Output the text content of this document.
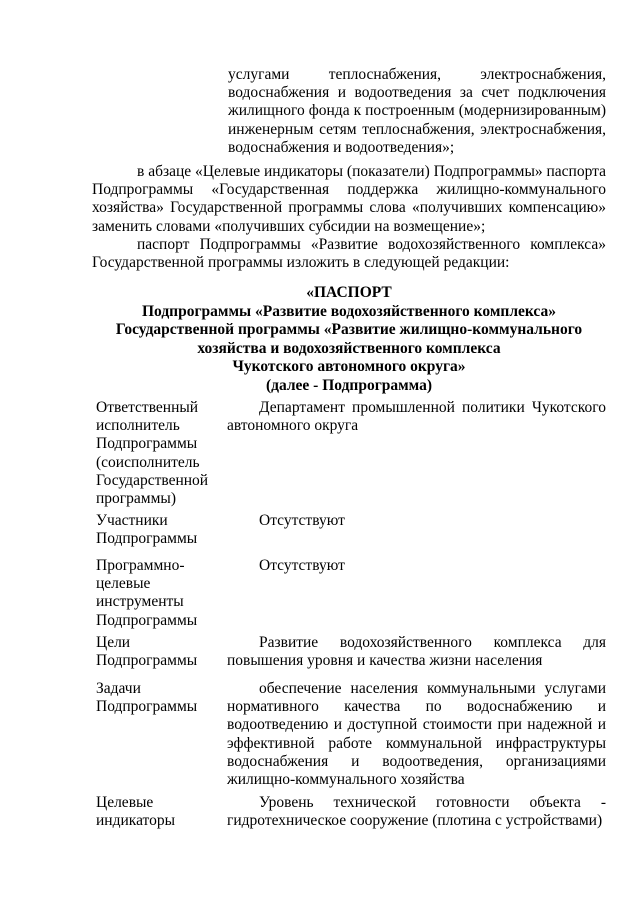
услугами теплоснабжения, электроснабжения,
водоснабжения и водоотведения за счет подключения
жилищного фонда к построенным (модернизированным)
инженерным сетям теплоснабжения, электроснабжения,
водоснабжения и водоотведения»;
в абзаце «Целевые индикаторы (показатели) Подпрограммы» паспорта
Подпрограммы «Государственная поддержка жилищно-коммунального
хозяйства» Государственной программы слова «получивших компенсацию»
заменить словами «получивших субсидии на возмещение»;
паспорт Подпрограммы «Развитие водохозяйственного комплекса»
Государственной программы изложить в следующей редакции:
«ПАСПОРТ
Подпрограммы «Развитие водохозяйственного комплекса»
Государственной программы «Развитие жилищно-коммунального
хозяйства и водохозяйственного комплекса
Чукотского автономного округа»
(далее - Подпрограмма)
Ответственный
исполнитель
Подпрограммы
(соисполнитель
Государственной
программы)
Департамент промышленной политики Чукотского
автономного округа
Участники
Подпрограммы
Отсутствуют
Программно-
целевые
инструменты
Подпрограммы
Отсутствуют
Цели
Подпрограммы
Развитие водохозяйственного комплекса для
повышения уровня и качества жизни населения
Задачи
Подпрограммы
обеспечение населения коммунальными услугами
нормативного качества по водоснабжению и
водоотведению и доступной стоимости при надежной и
эффективной работе коммунальной инфраструктуры
водоснабжения и водоотведения, организациями
жилищно-коммунального хозяйства
Целевые
индикаторы
Уровень технической готовности объекта -
гидротехническое сооружение (плотина с устройствами)
